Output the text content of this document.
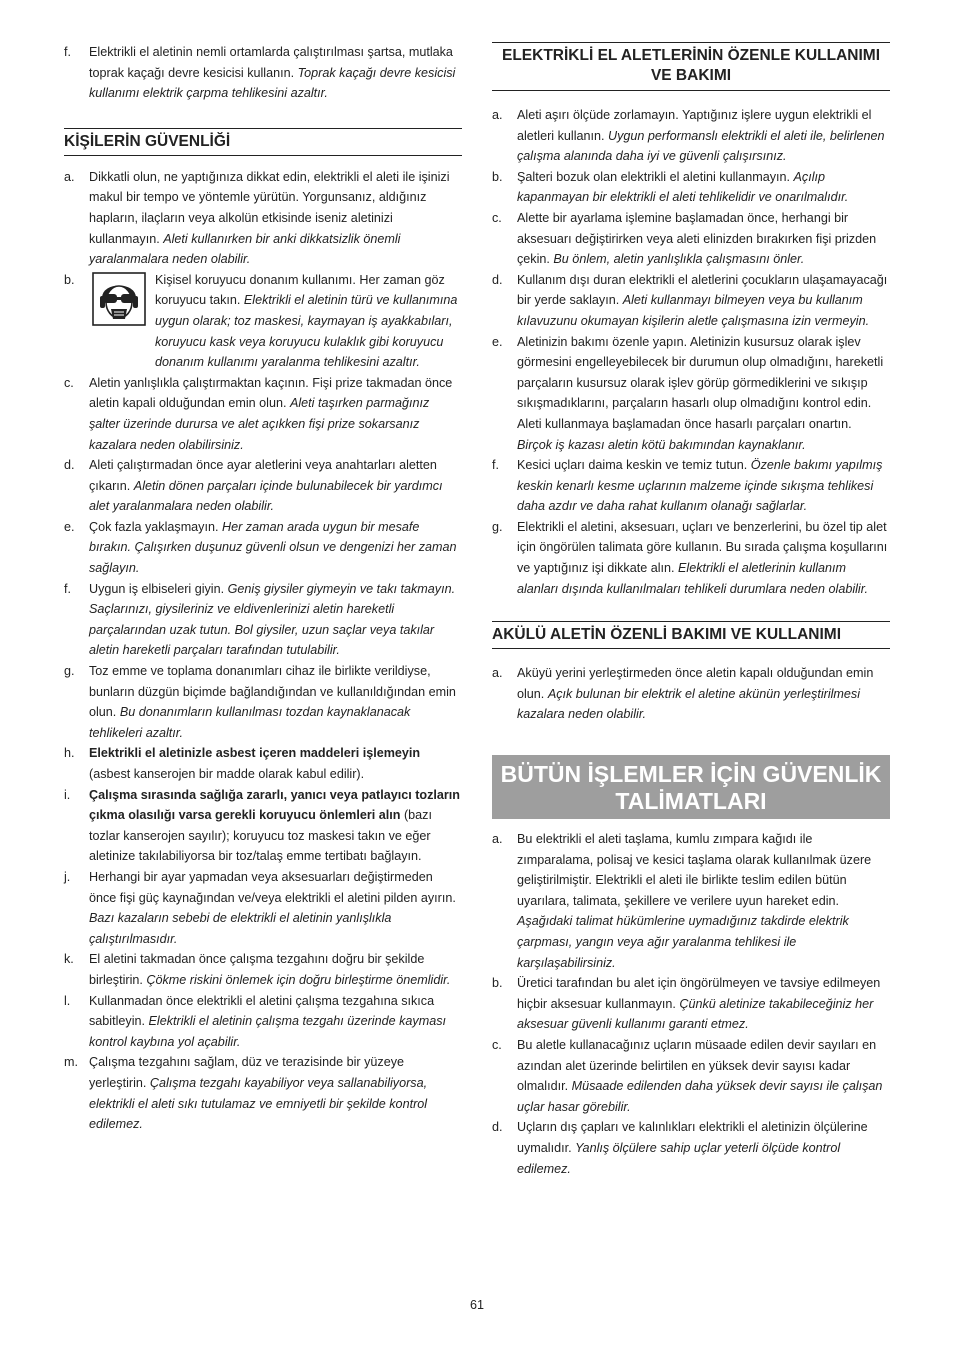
f. Elektrikli el aletinin nemli ortamlarda çalıştırılması şartsa, mutlaka toprak kaçağı devre kesicisi kullanın. Toprak kaçağı devre kesicisi kullanımı elektrik çarpma tehlikesini azaltır.

KİŞİLERİN GÜVENLİĞİ

a. Dikkatli olun, ne yaptığınıza dikkat edin, elektrikli el aleti ile işinizi makul bir tempo ve yöntemle yürütün. Yorgunsanız, aldığınız hapların, ilaçların veya alkolün etkisinde iseniz aletinizi kullanmayın. Aleti kullanırken bir anki dikkatsizlik önemli yaralanmalara neden olabilir.

b.	Kişisel koruyucu donanım kullanımı. Her zaman göz koruyucu takın. Elektrikli el aletinin türü ve kullanımına uygun olarak; toz maskesi, kaymayan iş ayakkabıları, koruyucu kask veya koruyucu kulaklık gibi koruyucu donanım kullanımı yaralanma tehlikesini azaltır.

c. Aletin yanlışlıkla çalıştırmaktan kaçının. Fişi prize takmadan önce aletin kapali olduğundan emin olun. Aleti taşırken parmağınız şalter üzerinde durursa ve alet açıkken fişi prize sokarsanız kazalara neden olabilirsiniz.

d. Aleti çalıştırmadan önce ayar aletlerini veya anahtarları aletten çıkarın. Aletin dönen parçaları içinde bulunabilecek bir yardımcı alet yaralanmalara neden olabilir.

e. Çok fazla yaklaşmayın. Her zaman arada uygun bir mesafe bırakın. Çalışırken duşunuz güvenli olsun ve dengenizi her zaman sağlayın.

f. Uygun iş elbiseleri giyin. Geniş giysiler giymeyin ve takı takmayın. Saçlarınızı, giysileriniz ve eldivenlerinizi aletin hareketli parçalarından uzak tutun. Bol giysiler, uzun saçlar veya takılar aletin hareketli parçaları tarafından tutulabilir.

g. Toz emme ve toplama donanımları cihaz ile birlikte verildiyse, bunların düzgün biçimde bağlandığından ve kullanıldığından emin olun. Bu donanımların kullanılması tozdan kaynaklanacak tehlikeleri azaltır.

h. Elektrikli el aletinizle asbest içeren maddeleri işlemeyin (asbest kanserojen bir madde olarak kabul edilir).

i. Çalışma sırasında sağlığa zararlı, yanıcı veya patlayıcı tozların çıkma olasılığı varsa gerekli koruyucu önlemleri alın (bazı tozlar kanserojen sayılır); koruyucu toz maskesi takın ve eğer aletinize takılabiliyorsa bir toz/talaş emme tertibatı bağlayın.

j. Herhangi bir ayar yapmadan veya aksesuarları değiştirmeden önce fişi güç kaynağından ve/veya elektrikli el aletini pilden ayırın. Bazı kazaların sebebi de elektrikli el aletinin yanlışlıkla çalıştırılmasıdır.

k. El aletini takmadan önce çalışma tezgahını doğru bir şekilde birleştirin. Çökme riskini önlemek için doğru birleştirme önemlidir.

l. Kullanmadan önce elektrikli el aletini çalışma tezgahına sıkıca sabitleyin. Elektrikli el aletinin çalışma tezgahı üzerinde kayması kontrol kaybına yol açabilir.

m. Çalışma tezgahını sağlam, düz ve terazisinde bir yüzeye yerleştirin. Çalışma tezgahı kayabiliyor veya sallanabiliyorsa, elektrikli el aleti sıkı tutulamaz ve emniyetli bir şekilde kontrol edilemez.

ELEKTRİKLİ EL ALETLERİNİN ÖZENLE KULLANIMI VE BAKIMI

a. Aleti aşırı ölçüde zorlamayın. Yaptığınız işlere uygun elektrikli el aletleri kullanın. Uygun performanslı elektrikli el aleti ile, belirlenen çalışma alanında daha iyi ve güvenli çalışırsınız.

b. Şalteri bozuk olan elektrikli el aletini kullanmayın. Açılıp kapanmayan bir elektrikli el aleti tehlikelidir ve onarılmalıdır.

c. Alette bir ayarlama işlemine başlamadan önce, herhangi bir aksesuarı değiştirirken veya aleti elinizden bırakırken fişi prizden çekin. Bu önlem, aletin yanlışlıkla çalışmasını önler.

d. Kullanım dışı duran elektrikli el aletlerini çocukların ulaşamayacağı bir yerde saklayın. Aleti kullanmayı bilmeyen veya bu kullanım kılavuzunu okumayan kişilerin aletle çalışmasına izin vermeyin.

e. Aletinizin bakımı özenle yapın. Aletinizin kusursuz olarak işlev görmesini engelleyebilecek bir durumun olup olmadığını, hareketli parçaların kusursuz olarak işlev görüp görmediklerini ve sıkışıp sıkışmadıklarını, parçaların hasarlı olup olmadığını kontrol edin. Aleti kullanmaya başlamadan önce hasarlı parçaları onartın. Birçok iş kazası aletin kötü bakımından kaynaklanır.

f. Kesici uçları daima keskin ve temiz tutun. Özenle bakımı yapılmış keskin kenarlı kesme uçlarının malzeme içinde sıkışma tehlikesi daha azdır ve daha rahat kullanım olanağı sağlarlar.

g. Elektrikli el aletini, aksesuarı, uçları ve benzerlerini, bu özel tip alet için öngörülen talimata göre kullanın. Bu sırada çalışma koşullarını ve yaptığınız işi dikkate alın. Elektrikli el aletlerinin kullanım alanları dışında kullanılmaları tehlikeli durumlara neden olabilir.

AKÜLÜ ALETİN ÖZENLİ BAKIMI VE KULLANIMI

a. Aküyü yerini yerleştirmeden önce aletin kapalı olduğundan emin olun. Açık bulunan bir elektrik el aletine akünün yerleştirilmesi kazalara neden olabilir.

BÜTÜN İŞLEMLER İÇİN GÜVENLİK
TALİMATLARI

a. Bu elektrikli el aleti taşlama, kumlu zımpara kağıdı ile zımparalama, polisaj ve kesici taşlama olarak kullanılmak üzere geliştirilmiştir. Elektrikli el aleti ile birlikte teslim edilen bütün uyarılara, talimata, şekillere ve verilere uyun hareket edin. Aşağıdaki talimat hükümlerine uymadığınız takdirde elektrik çarpması, yangın veya ağır yaralanma tehlikesi ile karşılaşabilirsiniz.

b. Üretici tarafından bu alet için öngörülmeyen ve tavsiye edilmeyen hiçbir aksesuar kullanmayın. Çünkü aletinize takabileceğiniz her aksesuar güvenli kullanımı garanti etmez.

c. Bu aletle kullanacağınız uçların müsaade edilen devir sayıları en azından alet üzerinde belirtilen en yüksek devir sayısı kadar olmalıdır. Müsaade edilenden daha yüksek devir sayısı ile çalışan uçlar hasar görebilir.

d. Uçların dış çapları ve kalınlıkları elektrikli el aletinizin ölçülerine uymalıdır. Yanlış ölçülere sahip uçlar yeterli ölçüde kontrol edilemez.

61
